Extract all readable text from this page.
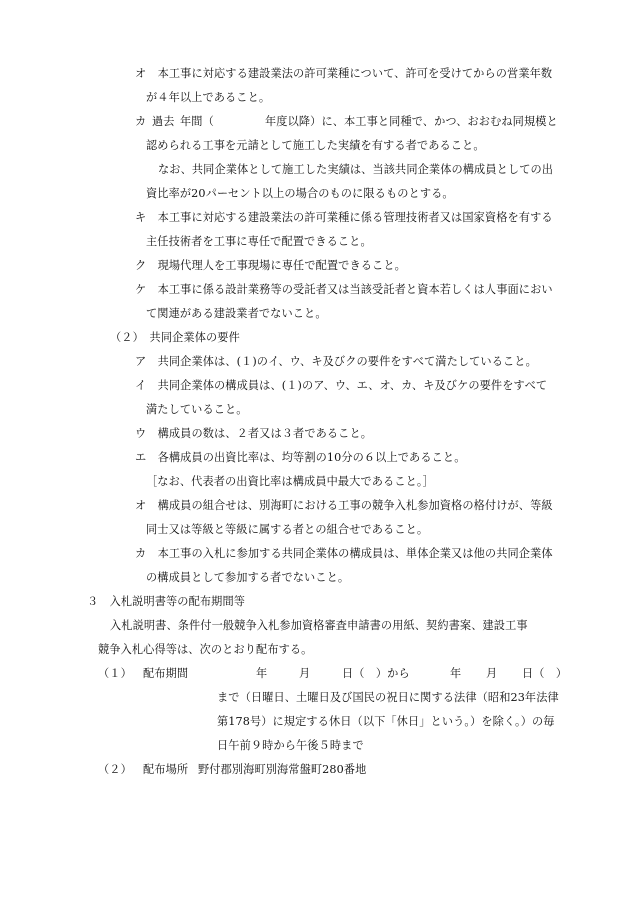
オ　本工事に対応する建設業法の許可業種について、許可を受けてからの営業年数
が４年以上であること。
カ 過去 年間（	年度以降）に、本工事と同種で、かつ、おおむね同規模と
認められる工事を元請として施工した実績を有する者であること。
なお、共同企業体として施工した実績は、当該共同企業体の構成員としての出
資比率が20パーセント以上の場合のものに限るものとする。
キ　本工事に対応する建設業法の許可業種に係る管理技術者又は国家資格を有する
主任技術者を工事に専任で配置できること。
ク　現場代理人を工事現場に専任で配置できること。
ケ　本工事に係る設計業務等の受託者又は当該受託者と資本若しくは人事面におい
て関連がある建設業者でないこと。
（２）　共同企業体の要件
ア　共同企業体は、(１)のイ、ウ、キ及びクの要件をすべて満たしていること。
イ　共同企業体の構成員は、(１)のア、ウ、エ、オ、カ、キ及びケの要件をすべて
満たしていること。
ウ　構成員の数は、２者又は３者であること。
エ　各構成員の出資比率は、均等割の10分の６以上であること。
［なお、代表者の出資比率は構成員中最大であること。］
オ　構成員の組合せは、別海町における工事の競争入札参加資格の格付けが、等級
同士又は等級と等級に属する者との組合せであること。
カ　本工事の入札に参加する共同企業体の構成員は、単体企業又は他の共同企業体
の構成員として参加する者でないこと。
３　入札説明書等の配布期間等
入札説明書、条件付一般競争入札参加資格審査申請書の用紙、契約書案、建設工事
競争入札心得等は、次のとおり配布する。
（１） 配布期間	年	月	日（　）から	年 月 日（　）
まで（日曜日、土曜日及び国民の祝日に関する法律（昭和23年法律
第178号）に規定する休日（以下「休日」という。）を除く。）の毎
日午前９時から午後５時まで
（２） 配布場所 野付郡別海町別海常盤町280番地
